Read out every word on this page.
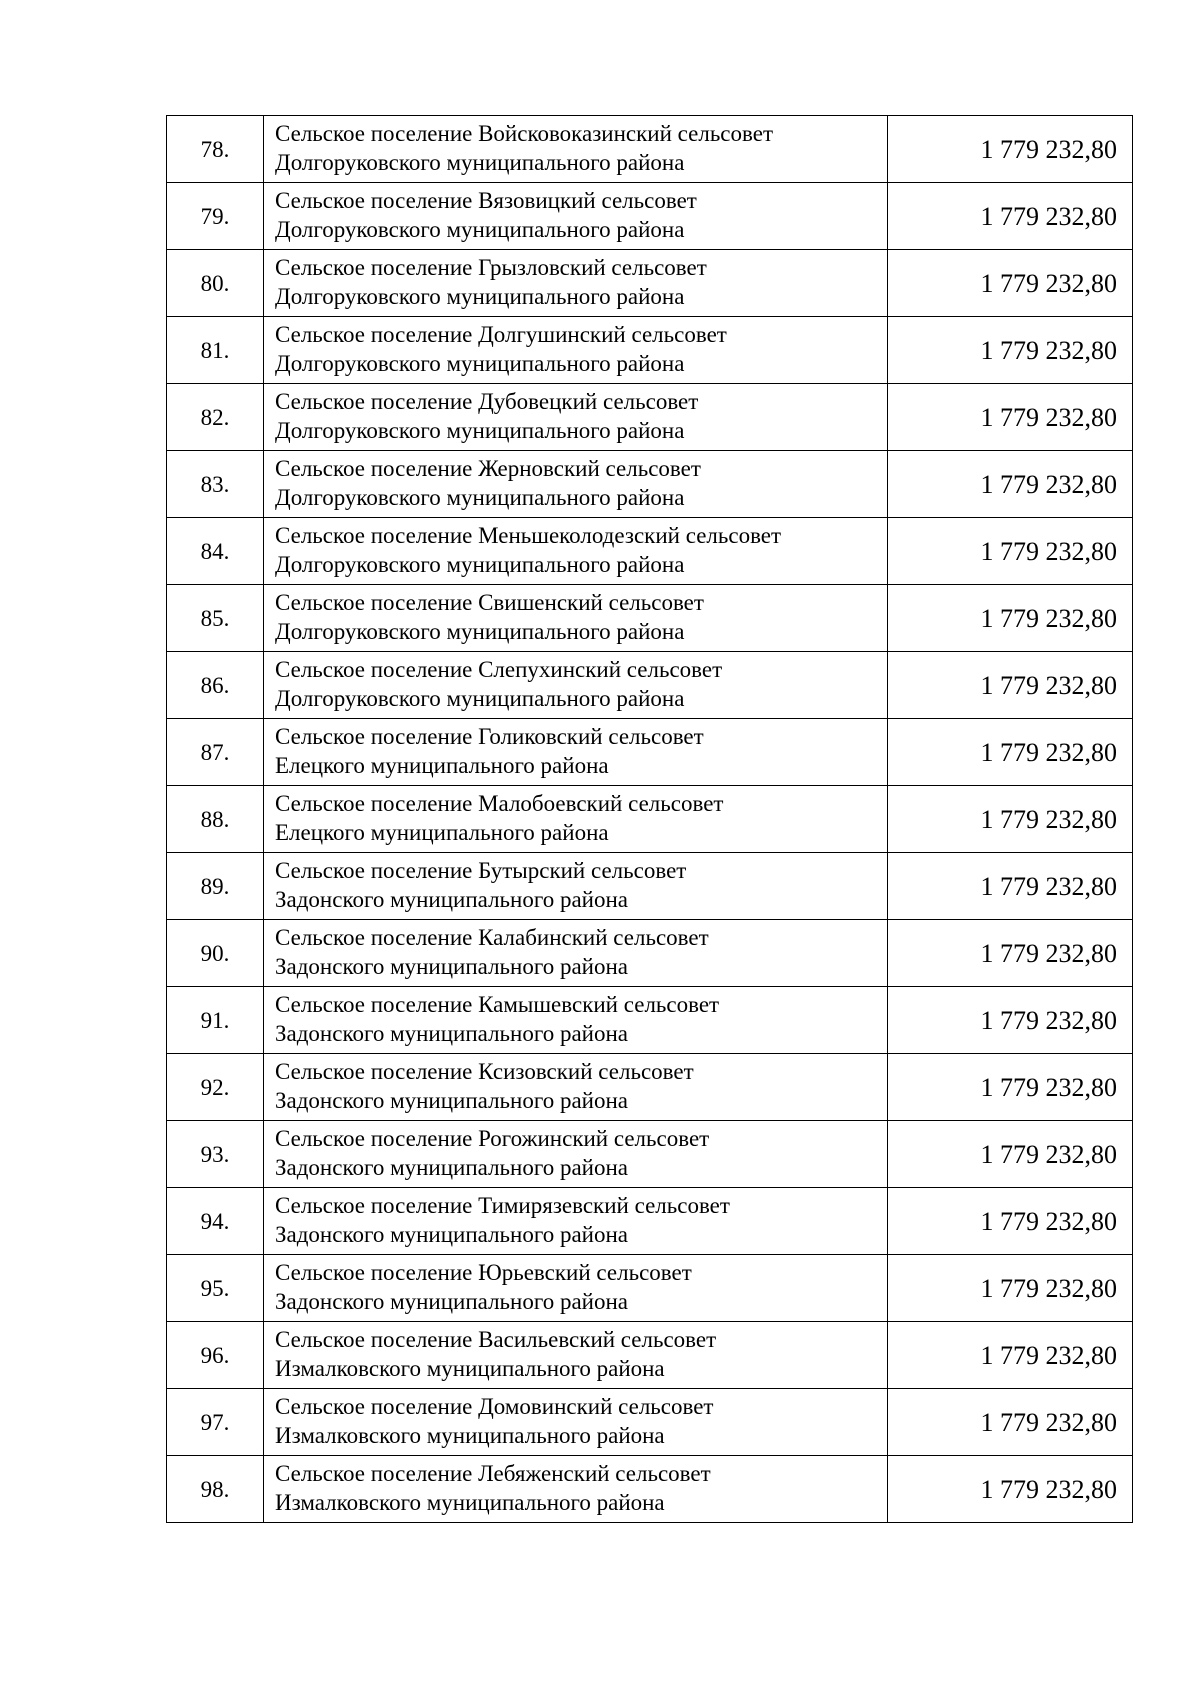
78.	Сельское поселение Войсковоказинский сельсовет
Долгоруковского муниципального района	1 779 232,80
79.	Сельское поселение Вязовицкий сельсовет
Долгоруковского муниципального района	1 779 232,80
80.	Сельское поселение Грызловский сельсовет
Долгоруковского муниципального района	1 779 232,80
81.	Сельское поселение Долгушинский сельсовет
Долгоруковского муниципального района	1 779 232,80
82.	Сельское поселение Дубовецкий сельсовет
Долгоруковского муниципального района	1 779 232,80
83.	Сельское поселение Жерновский сельсовет
Долгоруковского муниципального района	1 779 232,80
84.	Сельское поселение Меньшеколодезский сельсовет
Долгоруковского муниципального района	1 779 232,80
85.	Сельское поселение Свишенский сельсовет
Долгоруковского муниципального района	1 779 232,80
86.	Сельское поселение Слепухинский сельсовет
Долгоруковского муниципального района	1 779 232,80
87.	Сельское поселение Голиковский сельсовет
Елецкого муниципального района	1 779 232,80
88.	Сельское поселение Малобоевский сельсовет
Елецкого муниципального района	1 779 232,80
89.	Сельское поселение Бутырский сельсовет
Задонского муниципального района	1 779 232,80
90.	Сельское поселение Калабинский сельсовет
Задонского муниципального района	1 779 232,80
91.	Сельское поселение Камышевский сельсовет
Задонского муниципального района	1 779 232,80
92.	Сельское поселение Ксизовский сельсовет
Задонского муниципального района	1 779 232,80
93.	Сельское поселение Рогожинский сельсовет
Задонского муниципального района	1 779 232,80
94.	Сельское поселение Тимирязевский сельсовет
Задонского муниципального района	1 779 232,80
95.	Сельское поселение Юрьевский сельсовет
Задонского муниципального района	1 779 232,80
96.	Сельское поселение Васильевский сельсовет
Измалковского муниципального района	1 779 232,80
97.	Сельское поселение Домовинский сельсовет
Измалковского муниципального района	1 779 232,80
98.	Сельское поселение Лебяженский сельсовет
Измалковского муниципального района	1 779 232,80
